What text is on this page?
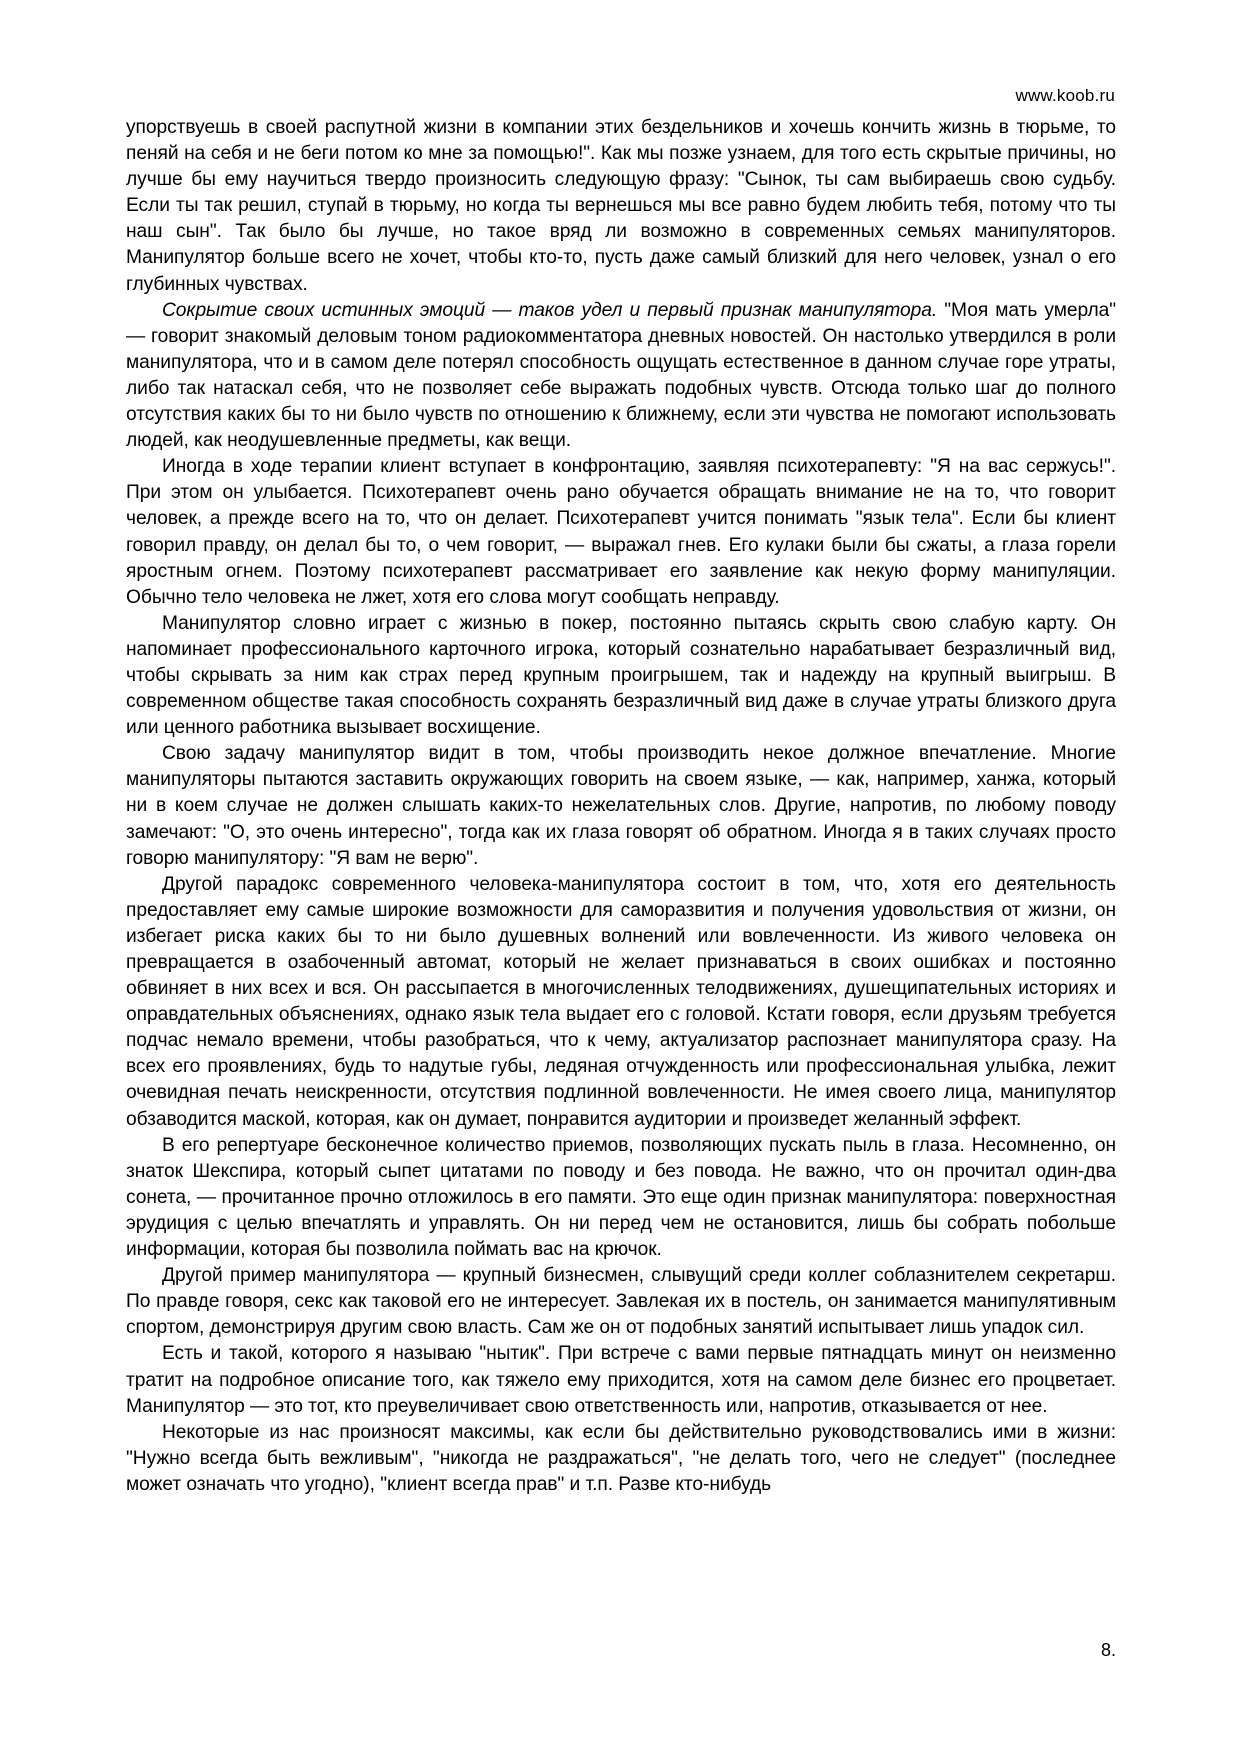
www.koob.ru

упорствуешь в своей распутной жизни в компании этих бездельников и хочешь кончить жизнь в тюрьме, то пеняй на себя и не беги потом ко мне за помощью!". Как мы позже узнаем, для того есть скрытые причины, но лучше бы ему научиться твердо произносить следующую фразу: "Сынок, ты сам выбираешь свою судьбу. Если ты так решил, ступай в тюрьму, но когда ты вернешься мы все равно будем любить тебя, потому что ты наш сын". Так было бы лучше, но такое вряд ли возможно в современных семьях манипуляторов. Манипулятор больше всего не хочет, чтобы кто-то, пусть даже самый близкий для него человек, узнал о его глубинных чувствах.

Сокрытие своих истинных эмоций — таков удел и первый признак манипулятора. "Моя мать умерла" — говорит знакомый деловым тоном радиокомментатора дневных новостей. Он настолько утвердился в роли манипулятора, что и в самом деле потерял способность ощущать естественное в данном случае горе утраты, либо так натаскал себя, что не позволяет себе выражать подобных чувств. Отсюда только шаг до полного отсутствия каких бы то ни было чувств по отношению к ближнему, если эти чувства не помогают использовать людей, как неодушевленные предметы, как вещи.

Иногда в ходе терапии клиент вступает в конфронтацию, заявляя психотерапевту: "Я на вас сержусь!". При этом он улыбается. Психотерапевт очень рано обучается обращать внимание не на то, что говорит человек, а прежде всего на то, что он делает. Психотерапевт учится понимать "язык тела". Если бы клиент говорил правду, он делал бы то, о чем говорит, — выражал гнев. Его кулаки были бы сжаты, а глаза горели яростным огнем. Поэтому психотерапевт рассматривает его заявление как некую форму манипуляции. Обычно тело человека не лжет, хотя его слова могут сообщать неправду.

Манипулятор словно играет с жизнью в покер, постоянно пытаясь скрыть свою слабую карту. Он напоминает профессионального карточного игрока, который сознательно нарабатывает безразличный вид, чтобы скрывать за ним как страх перед крупным проигрышем, так и надежду на крупный выигрыш. В современном обществе такая способность сохранять безразличный вид даже в случае утраты близкого друга или ценного работника вызывает восхищение.

Свою задачу манипулятор видит в том, чтобы производить некое должное впечатление. Многие манипуляторы пытаются заставить окружающих говорить на своем языке, — как, например, ханжа, который ни в коем случае не должен слышать каких-то нежелательных слов. Другие, напротив, по любому поводу замечают: "О, это очень интересно", тогда как их глаза говорят об обратном. Иногда я в таких случаях просто говорю манипулятору: "Я вам не верю".

Другой парадокс современного человека-манипулятора состоит в том, что, хотя его деятельность предоставляет ему самые широкие возможности для саморазвития и получения удовольствия от жизни, он избегает риска каких бы то ни было душевных волнений или вовлеченности. Из живого человека он превращается в озабоченный автомат, который не желает признаваться в своих ошибках и постоянно обвиняет в них всех и вся. Он рассыпается в многочисленных телодвижениях, душещипательных историях и оправдательных объяснениях, однако язык тела выдает его с головой. Кстати говоря, если друзьям требуется подчас немало времени, чтобы разобраться, что к чему, актуализатор распознает манипулятора сразу. На всех его проявлениях, будь то надутые губы, ледяная отчужденность или профессиональная улыбка, лежит очевидная печать неискренности, отсутствия подлинной вовлеченности. Не имея своего лица, манипулятор обзаводится маской, которая, как он думает, понравится аудитории и произведет желанный эффект.

В его репертуаре бесконечное количество приемов, позволяющих пускать пыль в глаза. Несомненно, он знаток Шекспира, который сыпет цитатами по поводу и без повода. Не важно, что он прочитал один-два сонета, — прочитанное прочно отложилось в его памяти. Это еще один признак манипулятора: поверхностная эрудиция с целью впечатлять и управлять. Он ни перед чем не остановится, лишь бы собрать побольше информации, которая бы позволила поймать вас на крючок.

Другой пример манипулятора — крупный бизнесмен, слывущий среди коллег соблазнителем секретарш. По правде говоря, секс как таковой его не интересует. Завлекая их в постель, он занимается манипулятивным спортом, демонстрируя другим свою власть. Сам же он от подобных занятий испытывает лишь упадок сил.

Есть и такой, которого я называю "нытик". При встрече с вами первые пятнадцать минут он неизменно тратит на подробное описание того, как тяжело ему приходится, хотя на самом деле бизнес его процветает. Манипулятор — это тот, кто преувеличивает свою ответственность или, напротив, отказывается от нее.

Некоторые из нас произносят максимы, как если бы действительно руководствовались ими в жизни: "Нужно всегда быть вежливым", "никогда не раздражаться", "не делать того, чего не следует" (последнее может означать что угодно), "клиент всегда прав" и т.п. Разве кто-нибудь

8.
